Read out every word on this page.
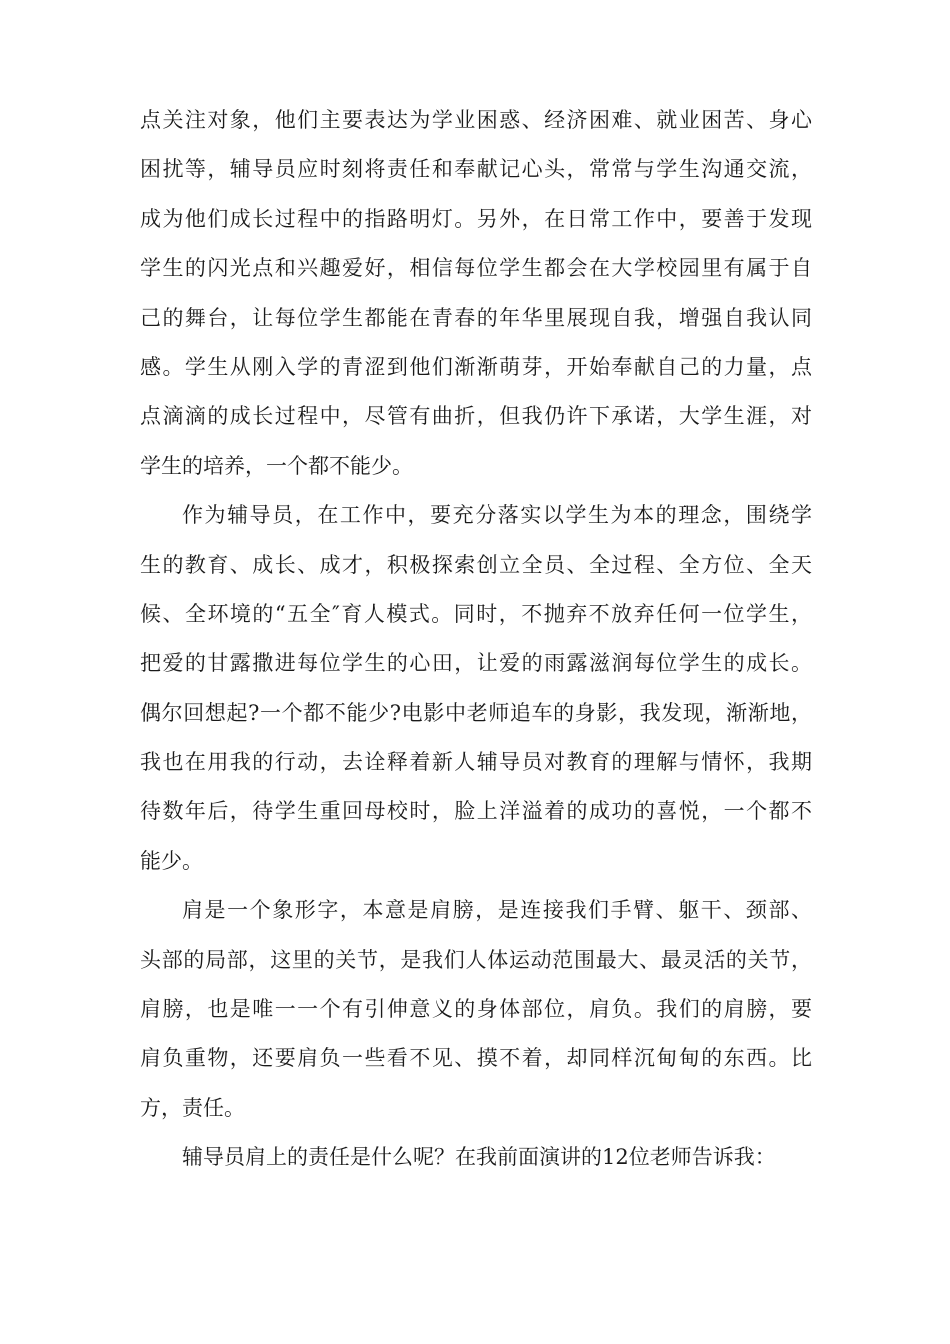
点关注对象，他们主要表达为学业困惑、经济困难、就业困苦、身心
困扰等，辅导员应时刻将责任和奉献记心头，常常与学生沟通交流，
成为他们成长过程中的指路明灯。另外，在日常工作中，要善于发现
学生的闪光点和兴趣爱好，相信每位学生都会在大学校园里有属于自
己的舞台，让每位学生都能在青春的年华里展现自我，增强自我认同
感。学生从刚入学的青涩到他们渐渐萌芽，开始奉献自己的力量，点
点滴滴的成长过程中，尽管有曲折，但我仍许下承诺，大学生涯，对
学生的培养，一个都不能少。
作为辅导员，在工作中，要充分落实以学生为本的理念，围绕学
生的教育、成长、成才，积极探索创立全员、全过程、全方位、全天
候、全环境的“五全″育人模式。同时，不抛弃不放弃任何一位学生，
把爱的甘露撒进每位学生的心田，让爱的雨露滋润每位学生的成长。
偶尔回想起?一个都不能少?电影中老师追车的身影，我发现，渐渐地，
我也在用我的行动，去诠释着新人辅导员对教育的理解与情怀，我期
待数年后，待学生重回母校时，脸上洋溢着的成功的喜悦，一个都不
能少。
肩是一个象形字，本意是肩膀，是连接我们手臂、躯干、颈部、
头部的局部，这里的关节，是我们人体运动范围最大、最灵活的关节，
肩膀，也是唯一一个有引伸意义的身体部位，肩负。我们的肩膀，要
肩负重物，还要肩负一些看不见、摸不着，却同样沉甸甸的东西。比
方，责任。
辅导员肩上的责任是什么呢？在我前面演讲的12位老师告诉我：
